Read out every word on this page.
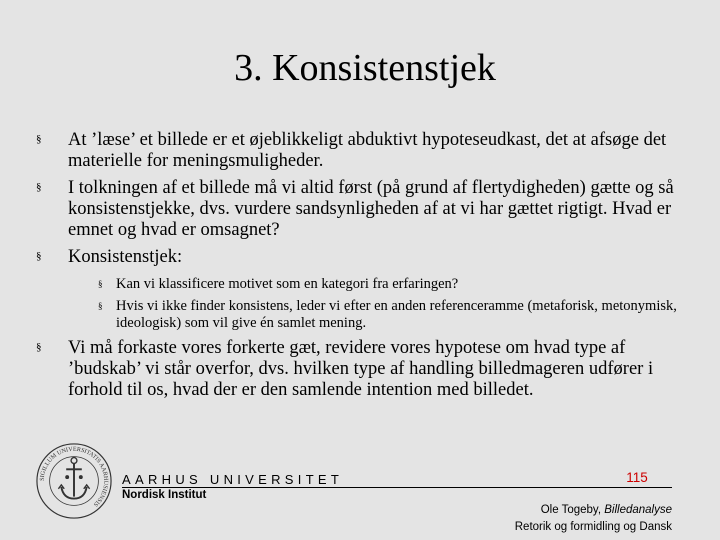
3. Konsistenstjek
§ At ’læse’ et billede er et øjeblikkeligt abduktivt hypoteseudkast, det at afsøge det materielle for meningsmuligheder.
§ I tolkningen af et billede må vi altid først (på grund af flertydigheden) gætte og så konsistenstjekke, dvs. vurdere sandsynligheden af at vi har gættet rigtigt. Hvad er emnet og hvad er omsagnet?
§ Konsistenstjek:
§ Kan vi klassificere motivet som en kategori fra erfaringen?
§ Hvis vi ikke finder konsistens, leder vi efter en anden referenceramme (metaforisk, metonymisk, ideologisk) som vil give én samlet mening.
§ Vi må forkaste vores forkerte gæt, revidere vores hypotese om hvad type af ’budskab’ vi står overfor, dvs. hvilken type af handling billedmageren udfører i forhold til os, hvad der er den samlende intention med billedet.
SIGILLUM UNIVERSITATIS AARHUSIENSIS
AARHUS UNIVERSITET
Nordisk Institut
115
Ole Togeby, Billedanalyse
Retorik og formidling og Dansk
